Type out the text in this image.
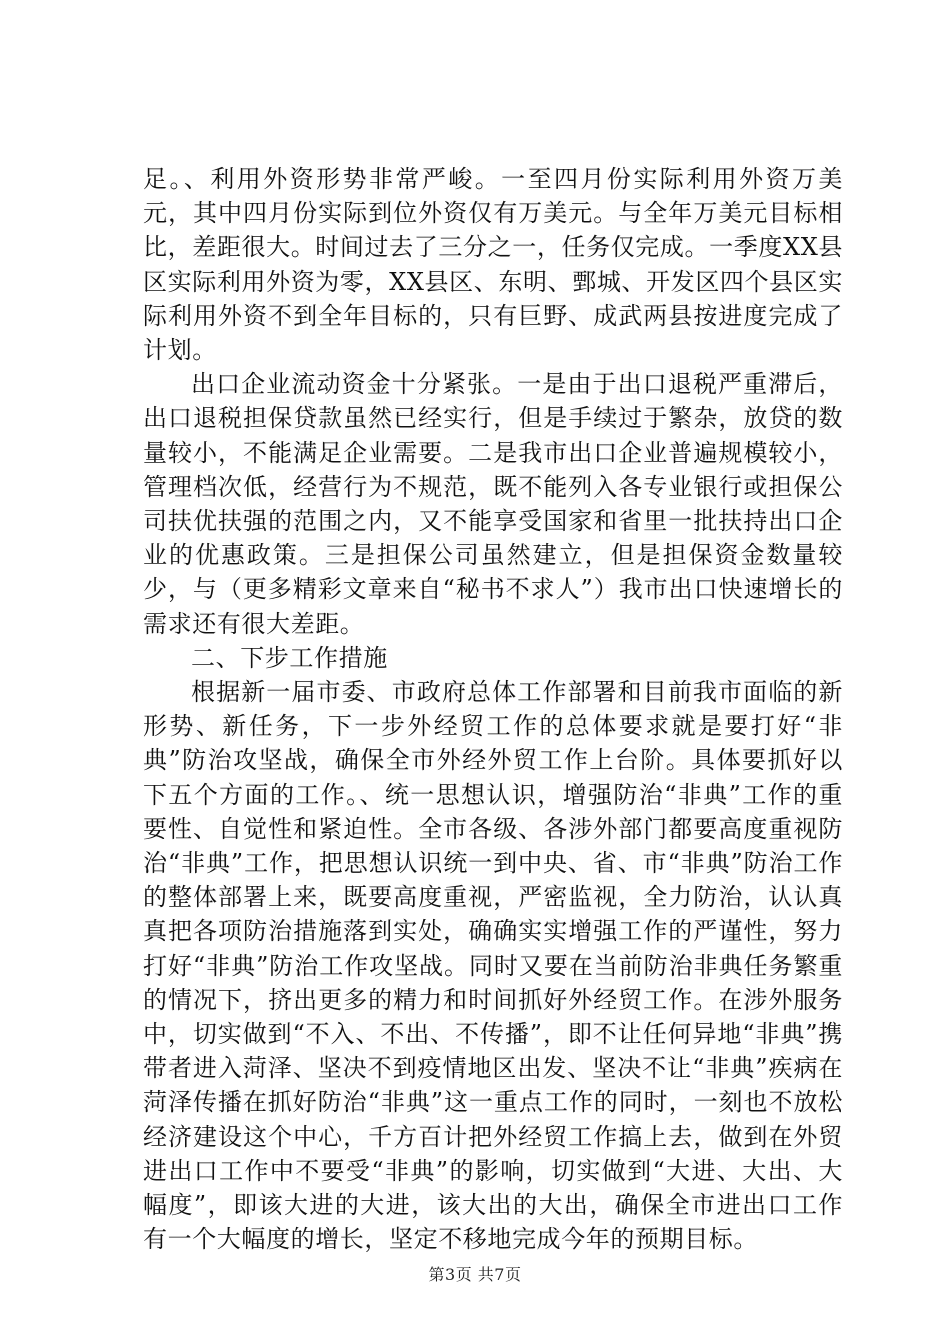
足。、利用外资形势非常严峻。一至四月份实际利用外资万美元，其中四月份实际到位外资仅有万美元。与全年万美元目标相比，差距很大。时间过去了三分之一，任务仅完成。一季度XX县区实际利用外资为零，XX县区、东明、鄄城、开发区四个县区实际利用外资不到全年目标的，只有巨野、成武两县按进度完成了计划。

出口企业流动资金十分紧张。一是由于出口退税严重滞后，出口退税担保贷款虽然已经实行，但是手续过于繁杂，放贷的数量较小，不能满足企业需要。二是我市出口企业普遍规模较小，管理档次低，经营行为不规范，既不能列入各专业银行或担保公司扶优扶强的范围之内，又不能享受国家和省里一批扶持出口企业的优惠政策。三是担保公司虽然建立，但是担保资金数量较少，与（更多精彩文章来自“秘书不求人”）我市出口快速增长的需求还有很大差距。

二、下步工作措施

根据新一届市委、市政府总体工作部署和目前我市面临的新形势、新任务，下一步外经贸工作的总体要求就是要打好“非典”防治攻坚战，确保全市外经外贸工作上台阶。具体要抓好以下五个方面的工作。、统一思想认识，增强防治“非典”工作的重要性、自觉性和紧迫性。全市各级、各涉外部门都要高度重视防治“非典”工作，把思想认识统一到中央、省、市“非典”防治工作的整体部署上来，既要高度重视，严密监视，全力防治，认认真真把各项防治措施落到实处，确确实实增强工作的严谨性，努力打好“非典”防治工作攻坚战。同时又要在当前防治非典任务繁重的情况下，挤出更多的精力和时间抓好外经贸工作。在涉外服务中，切实做到“不入、不出、不传播”，即不让任何异地“非典”携带者进入菏泽、坚决不到疫情地区出发、坚决不让“非典”疾病在菏泽传播在抓好防治“非典”这一重点工作的同时，一刻也不放松经济建设这个中心，千方百计把外经贸工作搞上去，做到在外贸进出口工作中不要受“非典”的影响，切实做到“大进、大出、大幅度”，即该大进的大进，该大出的大出，确保全市进出口工作有一个大幅度的增长，坚定不移地完成今年的预期目标。

第3页 共7页
